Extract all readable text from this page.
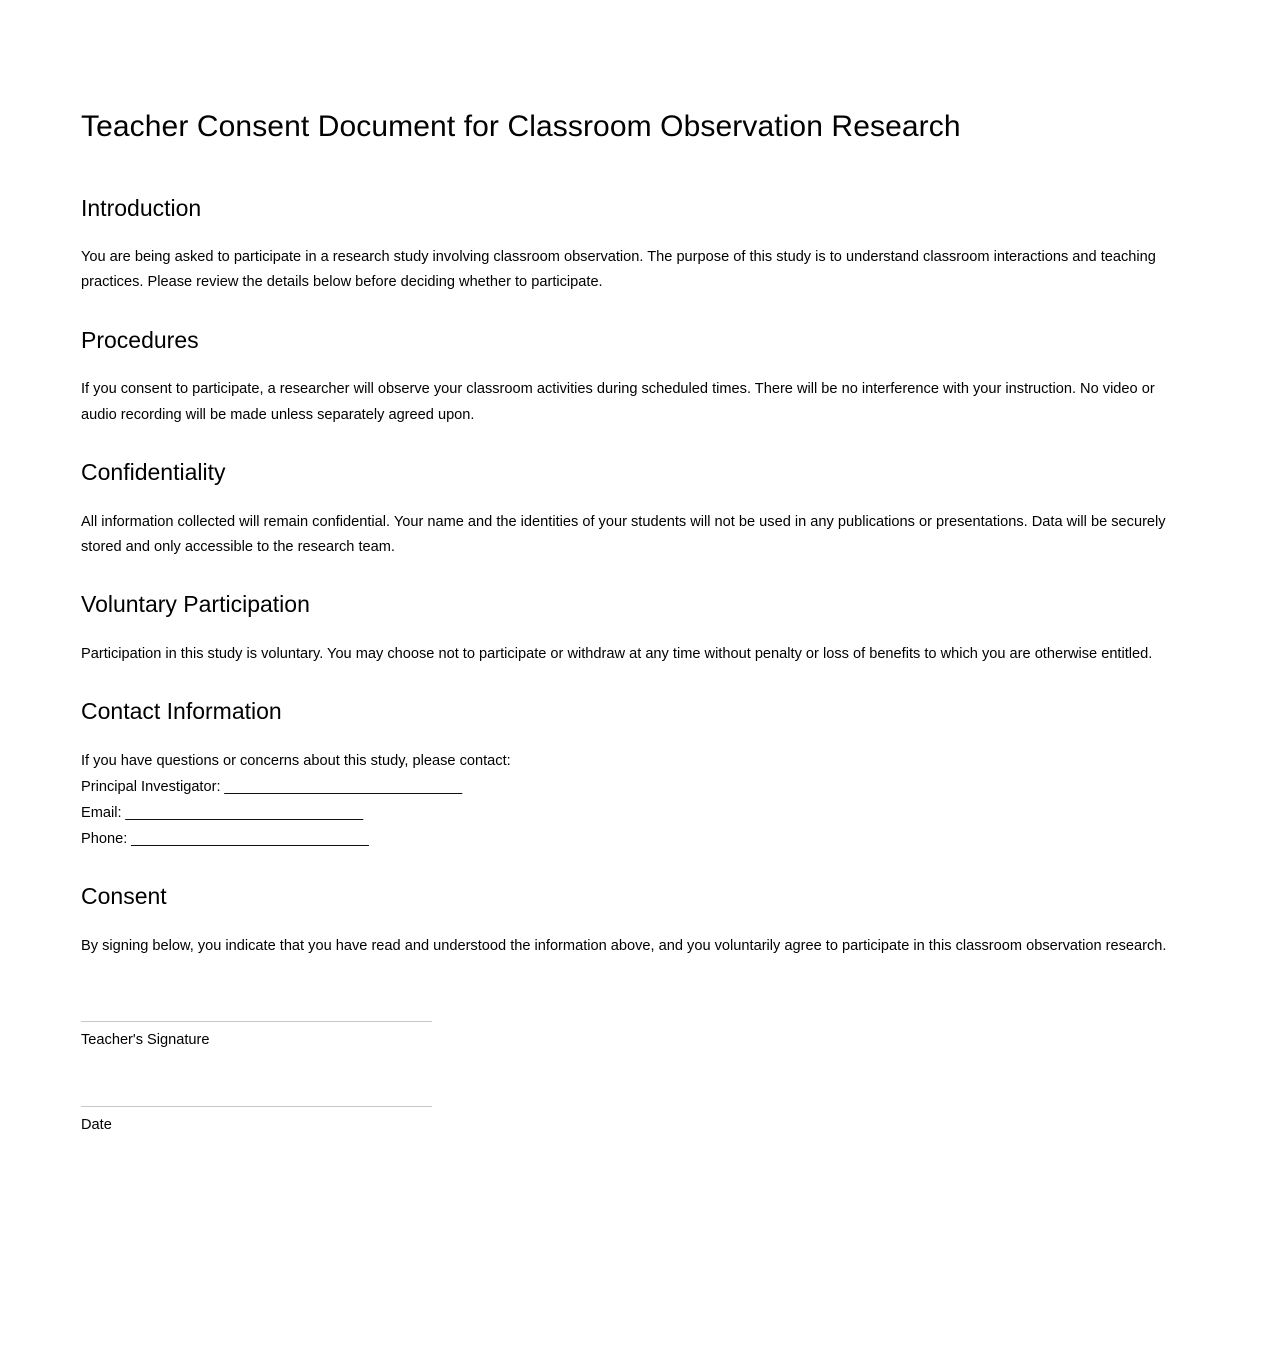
Teacher Consent Document for Classroom Observation Research
Introduction

You are being asked to participate in a research study involving classroom observation. The purpose of this study is to understand classroom interactions and teaching practices. Please review the details below before deciding whether to participate.

Procedures

If you consent to participate, a researcher will observe your classroom activities during scheduled times. There will be no interference with your instruction. No video or audio recording will be made unless separately agreed upon.

Confidentiality

All information collected will remain confidential. Your name and the identities of your students will not be used in any publications or presentations. Data will be securely stored and only accessible to the research team.

Voluntary Participation

Participation in this study is voluntary. You may choose not to participate or withdraw at any time without penalty or loss of benefits to which you are otherwise entitled.

Contact Information
If you have questions or concerns about this study, please contact:
Principal Investigator: ______________________________
Email: ______________________________
Phone: ______________________________
Consent

By signing below, you indicate that you have read and understood the information above, and you voluntarily agree to participate in this classroom observation research.

Teacher's Signature
Date
